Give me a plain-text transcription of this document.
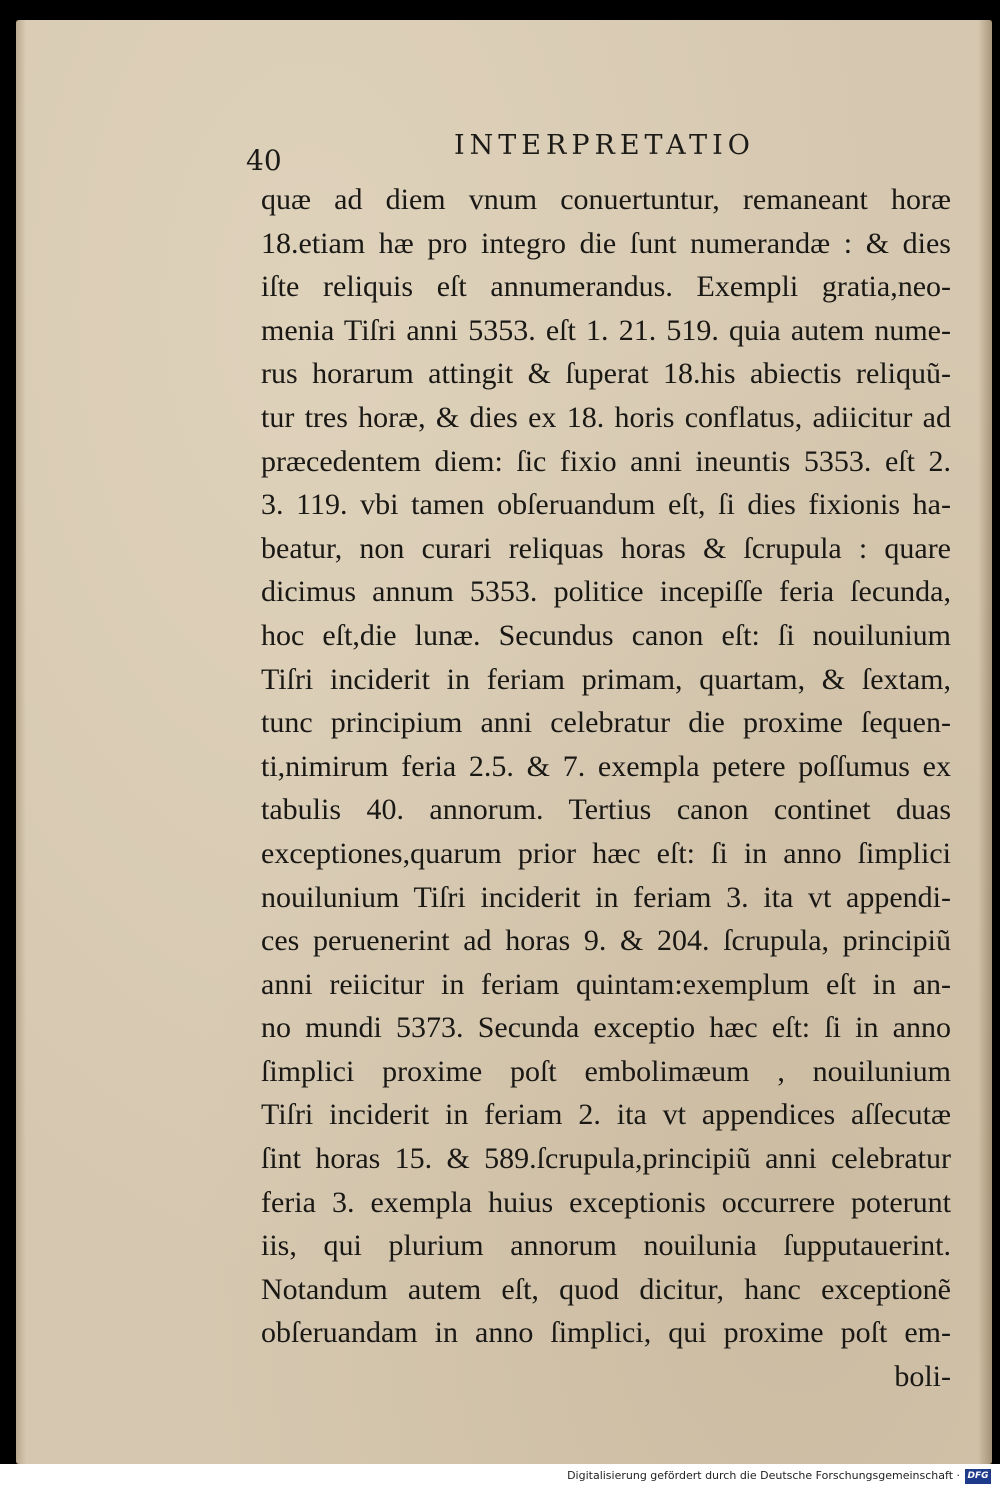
40	INTERPRETATIO
quæ ad diem vnum conuertuntur, remaneant horæ
18.etiam hæ pro integro die ſunt numerandæ : & dies
iſte reliquis eſt annumerandus. Exempli gratia,neo-
menia Tiſri anni 5353. eſt 1. 21. 519. quia autem nume-
rus horarum attingit & ſuperat 18.his abiectis reliquũ-
tur tres horæ, & dies ex 18. horis conflatus, adiicitur ad
præcedentem diem: ſic fixio anni ineuntis 5353. eſt 2.
3. 119. vbi tamen obſeruandum eſt, ſi dies fixionis ha-
beatur, non curari reliquas horas & ſcrupula : quare
dicimus annum 5353. politice incepiſſe feria ſecunda,
hoc eſt,die lunæ. Secundus canon eſt: ſi nouilunium
Tiſri inciderit in feriam primam, quartam, & ſextam,
tunc principium anni celebratur die proxime ſequen-
ti,nimirum feria 2.5. & 7. exempla petere poſſumus ex
tabulis 40. annorum. Tertius canon continet duas
exceptiones,quarum prior hæc eſt: ſi in anno ſimplici
nouilunium Tiſri inciderit in feriam 3. ita vt appendi-
ces peruenerint ad horas 9. & 204. ſcrupula, principiũ
anni reiicitur in feriam quintam:exemplum eſt in an-
no mundi 5373. Secunda exceptio hæc eſt: ſi in anno
ſimplici proxime poſt embolimæum , nouilunium
Tiſri inciderit in feriam 2. ita vt appendices aſſecutæ
ſint horas 15. & 589.ſcrupula,principiũ anni celebratur
feria 3. exempla huius exceptionis occurrere poterunt
iis, qui plurium annorum nouilunia ſupputauerint.
Notandum autem eſt, quod dicitur, hanc exceptionẽ
obſeruandam in anno ſimplici, qui proxime poſt em-
boli-
Digitalisierung gefördert durch die Deutsche Forschungsgemeinschaft · DFG
